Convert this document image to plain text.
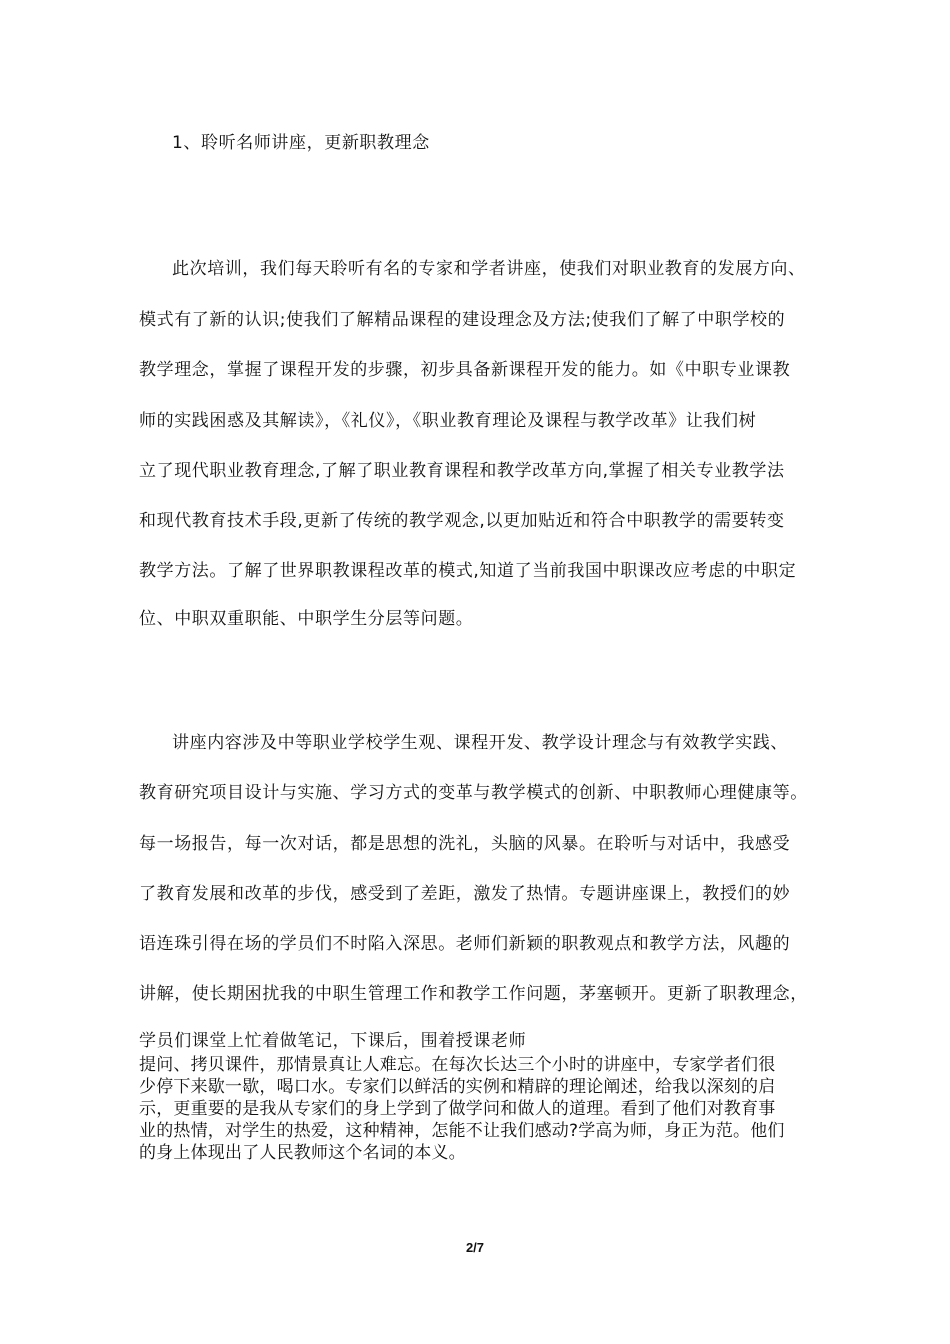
1、聆听名师讲座，更新职教理念
此次培训，我们每天聆听有名的专家和学者讲座，使我们对职业教育的发展方向、
模式有了新的认识;使我们了解精品课程的建设理念及方法;使我们了解了中职学校的
教学理念，掌握了课程开发的步骤，初步具备新课程开发的能力。如《中职专业课教
师的实践困惑及其解读》，《礼仪》，《职业教育理论及课程与教学改革》让我们树
立了现代职业教育理念,了解了职业教育课程和教学改革方向,掌握了相关专业教学法
和现代教育技术手段,更新了传统的教学观念,以更加贴近和符合中职教学的需要转变
教学方法。了解了世界职教课程改革的模式,知道了当前我国中职课改应考虑的中职定
位、中职双重职能、中职学生分层等问题。
讲座内容涉及中等职业学校学生观、课程开发、教学设计理念与有效教学实践、
教育研究项目设计与实施、学习方式的变革与教学模式的创新、中职教师心理健康等。
每一场报告，每一次对话，都是思想的洗礼，头脑的风暴。在聆听与对话中，我感受
了教育发展和改革的步伐，感受到了差距，激发了热情。专题讲座课上，教授们的妙
语连珠引得在场的学员们不时陷入深思。老师们新颖的职教观点和教学方法，风趣的
讲解，使长期困扰我的中职生管理工作和教学工作问题，茅塞顿开。更新了职教理念，
学员们课堂上忙着做笔记，下课后，围着授课老师
提问、拷贝课件，那情景真让人难忘。在每次长达三个小时的讲座中，专家学者们很
少停下来歇一歇，喝口水。专家们以鲜活的实例和精辟的理论阐述，给我以深刻的启
示，更重要的是我从专家们的身上学到了做学问和做人的道理。看到了他们对教育事
业的热情，对学生的热爱，这种精神，怎能不让我们感动?学高为师，身正为范。他们
的身上体现出了人民教师这个名词的本义。
2/7
